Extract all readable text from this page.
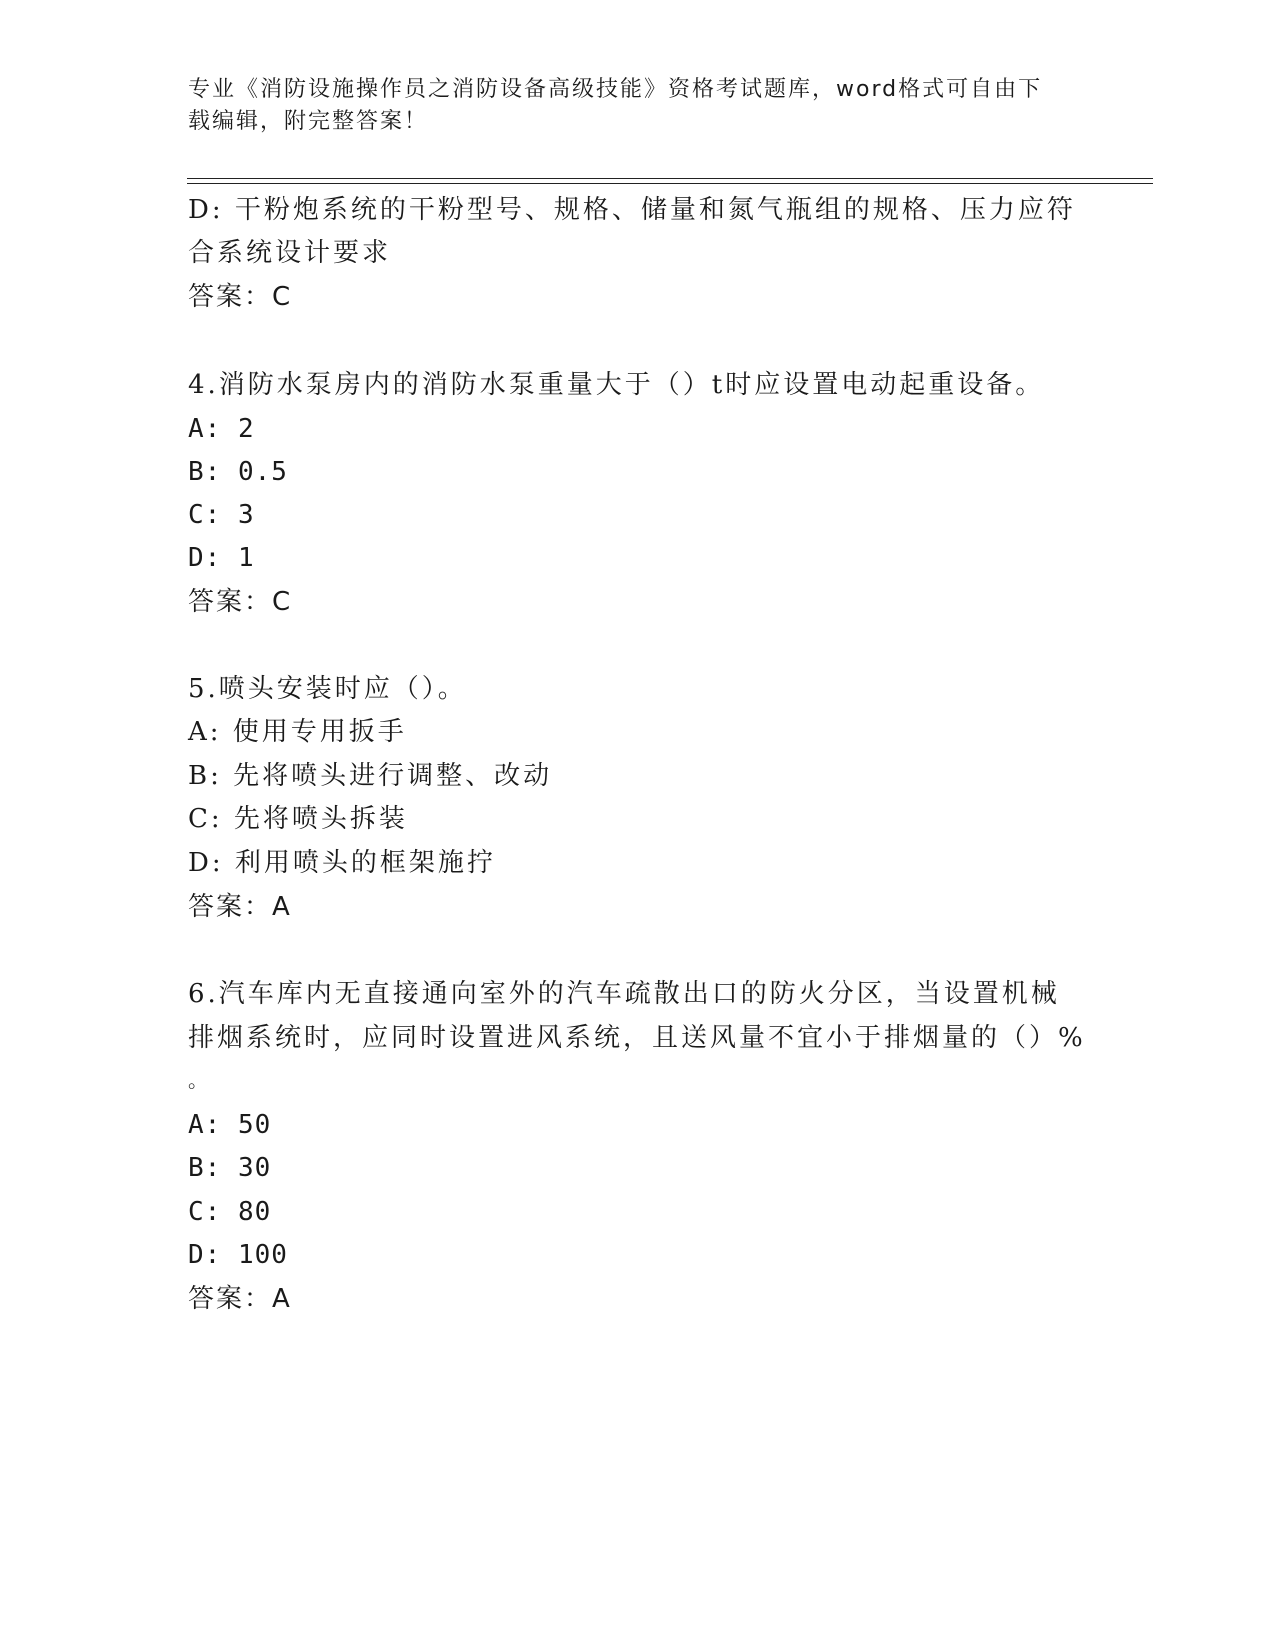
专业《消防设施操作员之消防设备高级技能》资格考试题库，word格式可自由下
载编辑，附完整答案！
D: 干粉炮系统的干粉型号、规格、储量和氮气瓶组的规格、压力应符
合系统设计要求
答案：C
4.消防水泵房内的消防水泵重量大于（）t时应设置电动起重设备。
A: 2
B: 0.5
C: 3
D: 1
答案：C
5.喷头安装时应（）。
A: 使用专用扳手
B: 先将喷头进行调整、改动
C: 先将喷头拆装
D: 利用喷头的框架施拧
答案：A
6.汽车库内无直接通向室外的汽车疏散出口的防火分区，当设置机械
排烟系统时，应同时设置进风系统，且送风量不宜小于排烟量的（）%
。
A: 50
B: 30
C: 80
D: 100
答案：A
